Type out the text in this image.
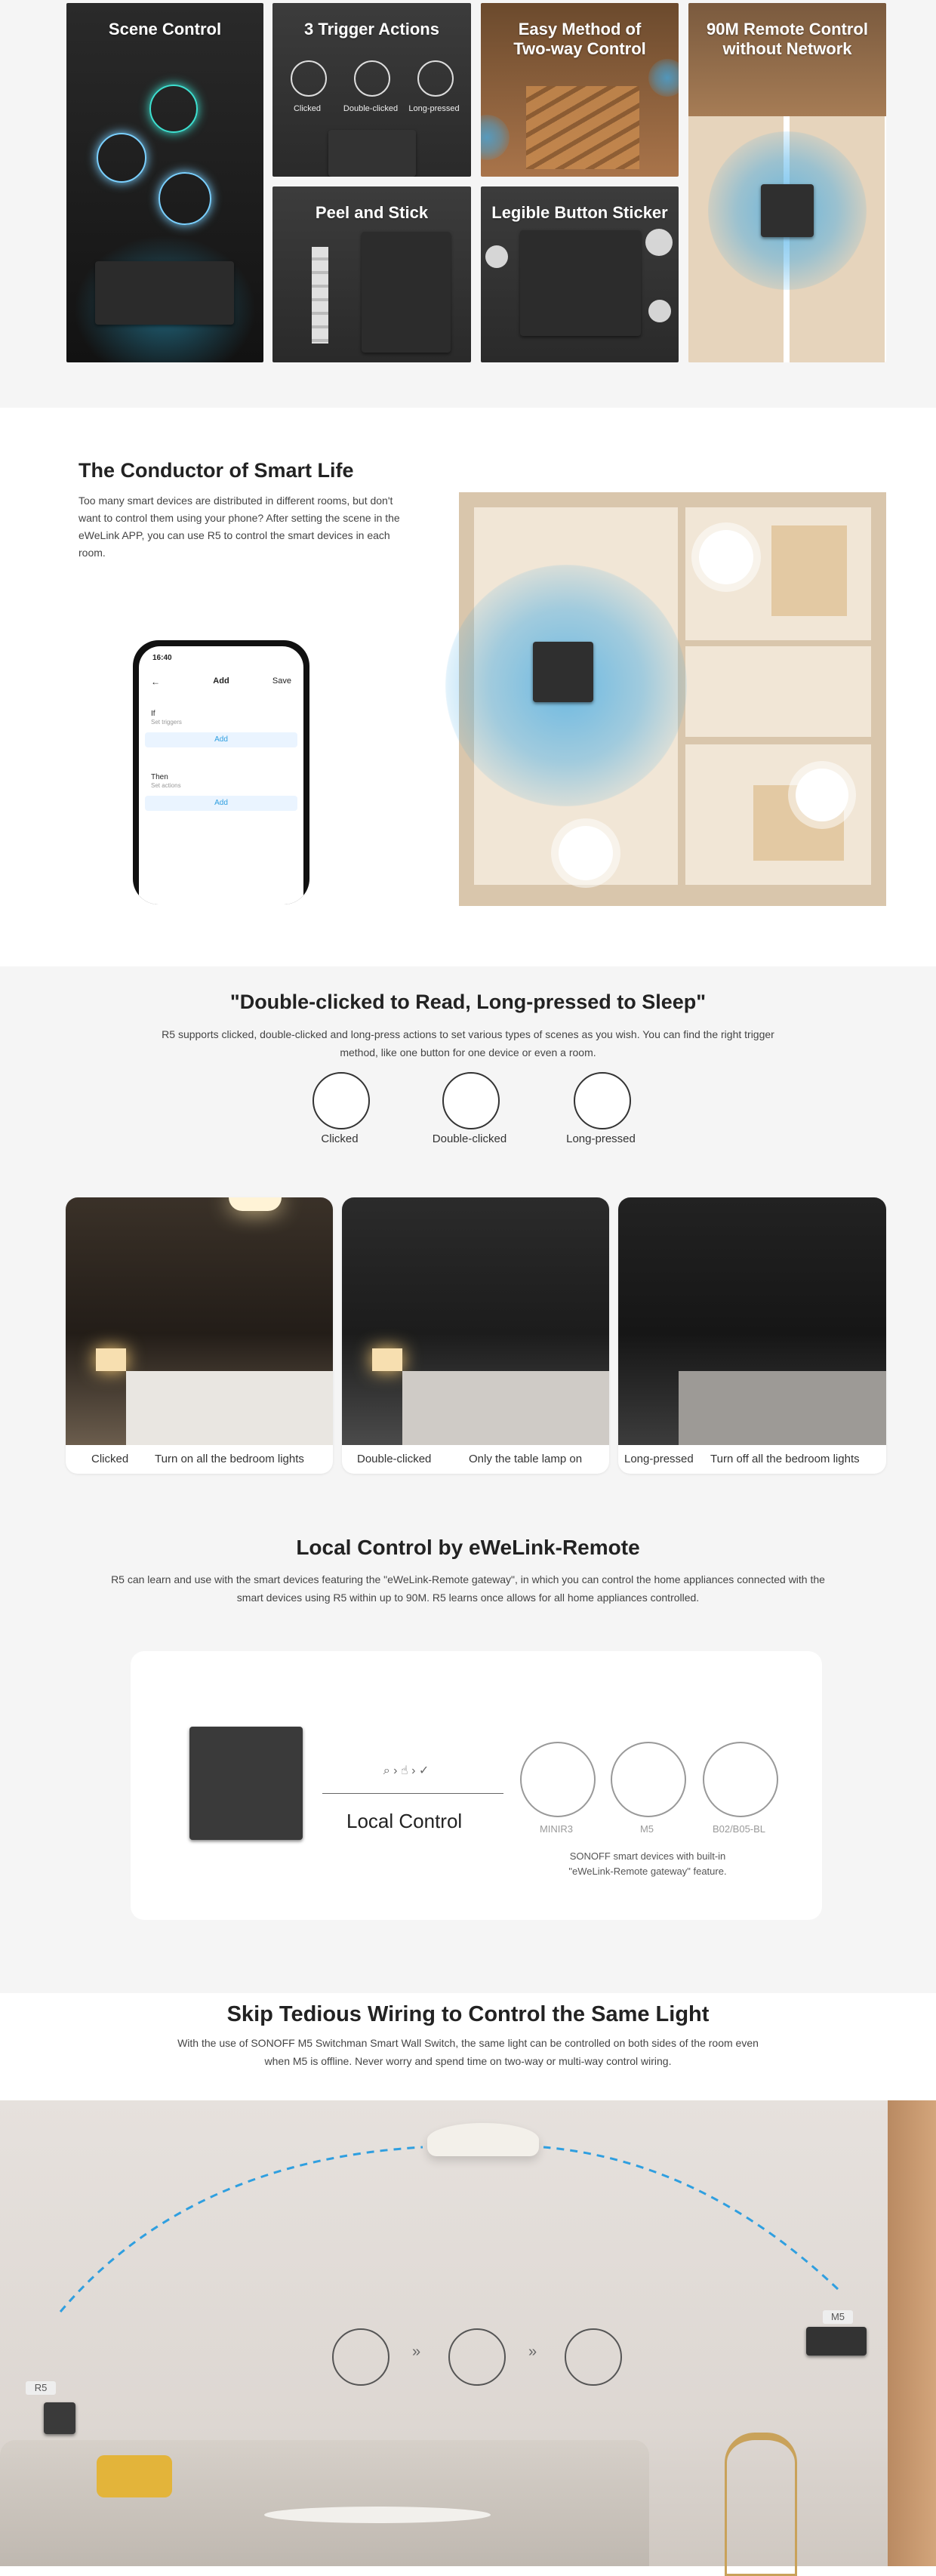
Scene Control	3 Trigger Actions
Clicked	Double-clicked	Long-pressed
Easy Method of
Two-way Control
90M Remote Control
without Network
Peel and Stick	Legible Button Sticker
The Conductor of Smart Life
Too many smart devices are distributed in different rooms, but don't want to control them using your phone? After setting the scene in the eWeLink APP, you can use R5 to control the smart devices in each room.
16:40
←	Add	Save
If
Set triggers
Add
Then
Set actions
Add
"Double-clicked to Read, Long-pressed to Sleep"
R5 supports clicked, double-clicked and long-press actions to set various types of scenes as you wish. You can find the right trigger method, like one button for one device or even a room.
Clicked	Double-clicked	Long-pressed
Clicked Turn on all the bedroom lights	Double-clicked	Only the table lamp on	Long-pressed Turn off all the bedroom lights
Local Control by eWeLink-Remote
R5 can learn and use with the smart devices featuring the "eWeLink-Remote gateway", in which you can control the home appliances connected with the smart devices using R5 within up to 90M. R5 learns once allows for all home appliances controlled.
⌕ › ☝ › ✓
Local Control	MINIR3	M5	B02/B05-BL
SONOFF smart devices with built-in
"eWeLink-Remote gateway" feature.
Skip Tedious Wiring to Control the Same Light
With the use of SONOFF M5 Switchman Smart Wall Switch, the same light can be controlled on both sides of the room even when M5 is offline. Never worry and spend time on two-way or multi-way control wiring.
»	»
R5
M5
